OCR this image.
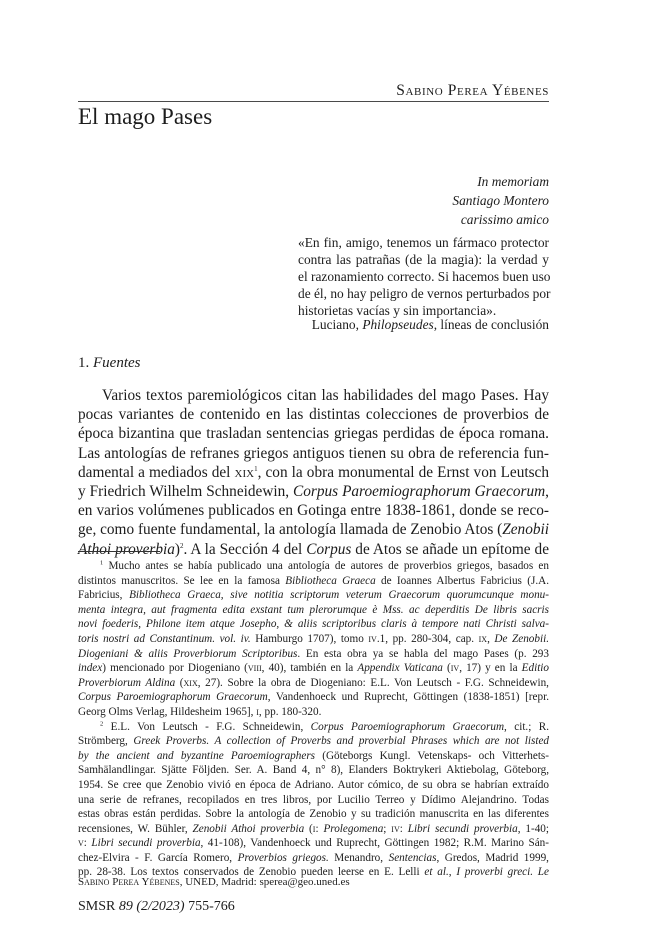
Sabino Perea Yébenes
El mago Pases
In memoriam
Santiago Montero
carissimo amico
«En fin, amigo, tenemos un fármaco protector
contra las patrañas (de la magia): la verdad y
el razonamiento correcto. Si hacemos buen uso
de él, no hay peligro de vernos perturbados por
historietas vacías y sin importancia».
Luciano, Philopseudes, líneas de conclusión
1. Fuentes
Varios textos paremiológicos citan las habilidades del mago Pases. Hay
pocas variantes de contenido en las distintas colecciones de proverbios de
época bizantina que trasladan sentencias griegas perdidas de época romana.
Las antologías de refranes griegos antiguos tienen su obra de referencia fun-
damental a mediados del xix$^1$, con la obra monumental de Ernst von Leutsch
y Friedrich Wilhelm Schneidewin, Corpus Paroemiographorum Graecorum,
en varios volúmenes publicados en Gotinga entre 1838-1861, donde se reco-
ge, como fuente fundamental, la antología llamada de Zenobio Atos (Zenobii
Athoi proverbia)$^2$. A la Sección 4 del Corpus de Atos se añade un epítome de
$^1$ Mucho antes se había publicado una antología de autores de proverbios griegos, basados en
distintos manuscritos. Se lee en la famosa Bibliotheca Graeca de Ioannes Albertus Fabricius (J.A.
Fabricius, Bibliotheca Graeca, sive notitia scriptorum veterum Graecorum quorumcunque monu-
menta integra, aut fragmenta edita exstant tum plerorumque è Mss. ac deperditis De libris sacris
novi foederis, Philone item atque Josepho, & aliis scriptoribus claris à tempore nati Christi salva-
toris nostri ad Constantinum. vol. iv. Hamburgo 1707), tomo iv.1, pp. 280-304, cap. ix, De Zenobii.
Diogeniani & aliis Proverbiorum Scriptoribus. En esta obra ya se habla del mago Pases (p. 293
index) mencionado por Diogeniano (viii, 40), también en la Appendix Vaticana (iv, 17) y en la Editio
Proverbiorum Aldina (xix, 27). Sobre la obra de Diogeniano: E.L. Von Leutsch - F.G. Schneidewin,
Corpus Paroemiographorum Graecorum, Vandenhoeck und Ruprecht, Göttingen (1838-1851) [repr.
Georg Olms Verlag, Hildesheim 1965], i, pp. 180-320.
$^2$ E.L. Von Leutsch - F.G. Schneidewin, Corpus Paroemiographorum Graecorum, cit.; R.
Strömberg, Greek Proverbs. A collection of Proverbs and proverbial Phrases which are not listed
by the ancient and byzantine Paroemiographers (Göteborgs Kungl. Vetenskaps- och Vitterhets-
Samhälandlingar. Sjätte Följden. Ser. A. Band 4, n° 8), Elanders Boktrykeri Aktiebolag, Göteborg,
1954. Se cree que Zenobio vivió en época de Adriano. Autor cómico, de su obra se habrían extraído
una serie de refranes, recopilados en tres libros, por Lucilio Terreo y Dídimo Alejandrino. Todas
estas obras están perdidas. Sobre la antología de Zenobio y su tradición manuscrita en las diferentes
recensiones, W. Bühler, Zenobii Athoi proverbia (i: Prolegomena; iv: Libri secundi proverbia, 1-40;
v: Libri secundi proverbia, 41-108), Vandenhoeck und Ruprecht, Göttingen 1982; R.M. Marino Sán-
chez-Elvira - F. García Romero, Proverbios griegos. Menandro, Sentencias, Gredos, Madrid 1999,
pp. 28-38. Los textos conservados de Zenobio pueden leerse en E. Lelli et al., I proverbi greci. Le
Sabino Perea Yébenes, UNED, Madrid: sperea@geo.uned.es
SMSR 89 (2/2023) 755-766
